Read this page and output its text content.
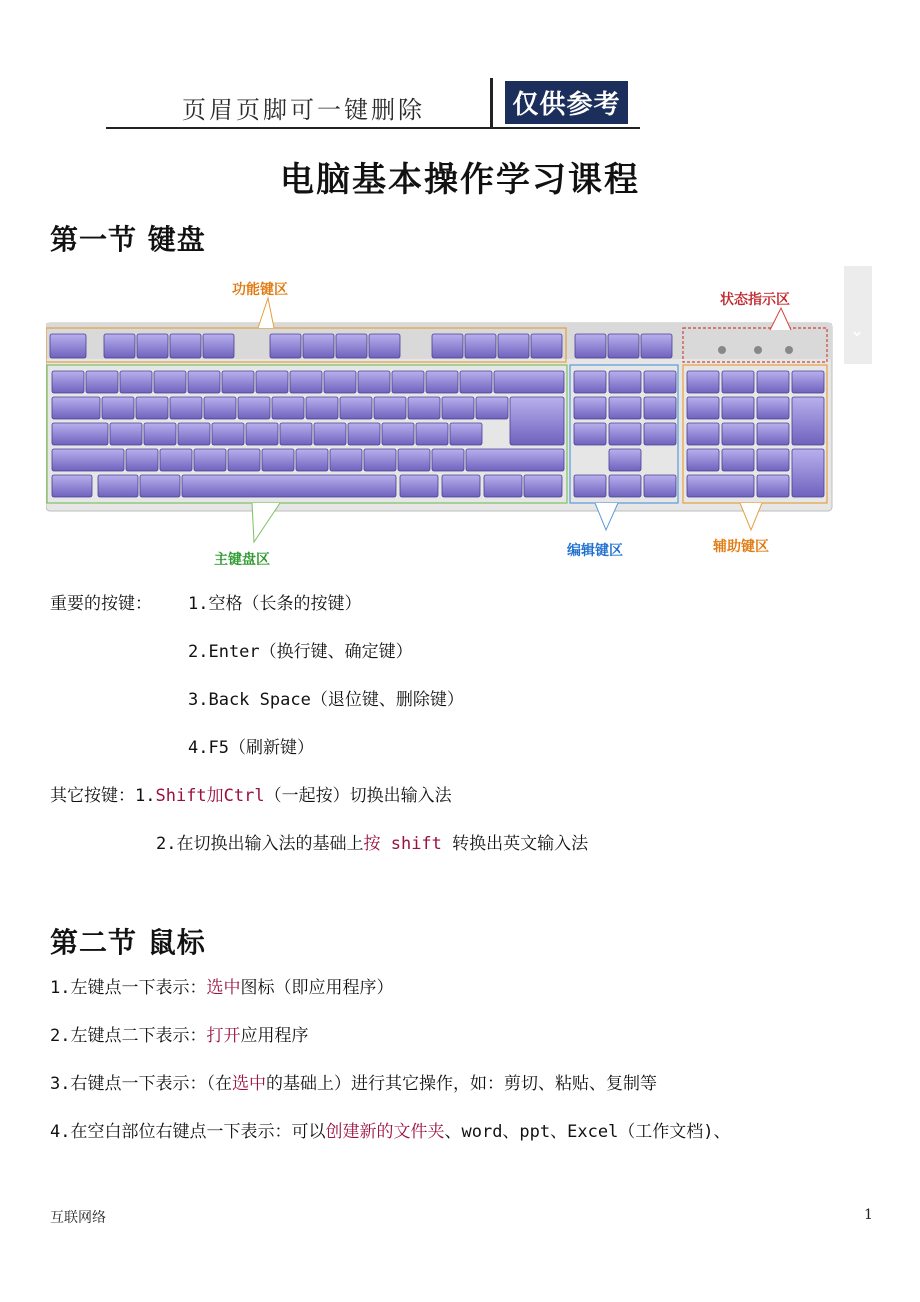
页眉页脚可一键删除	仅供参考
电脑基本操作学习课程
第一节 键盘
功能键区
状态指示区
主键盘区
编辑键区	辅助键区
⌄
重要的按键： 1.空格（长条的按键）
2.Enter（换行键、确定键）
3.Back Space（退位键、删除键）
4.F5（刷新键）
其它按键：1.Shift加Ctrl（一起按）切换出输入法
2.在切换出输入法的基础上按 shift 转换出英文输入法
第二节 鼠标
1.左键点一下表示：选中图标（即应用程序）
2.左键点二下表示：打开应用程序
3.右键点一下表示：（在选中的基础上）进行其它操作，如：剪切、粘贴、复制等
4.在空白部位右键点一下表示：可以创建新的文件夹、word、ppt、Excel（工作文档)、
互联网络	1
